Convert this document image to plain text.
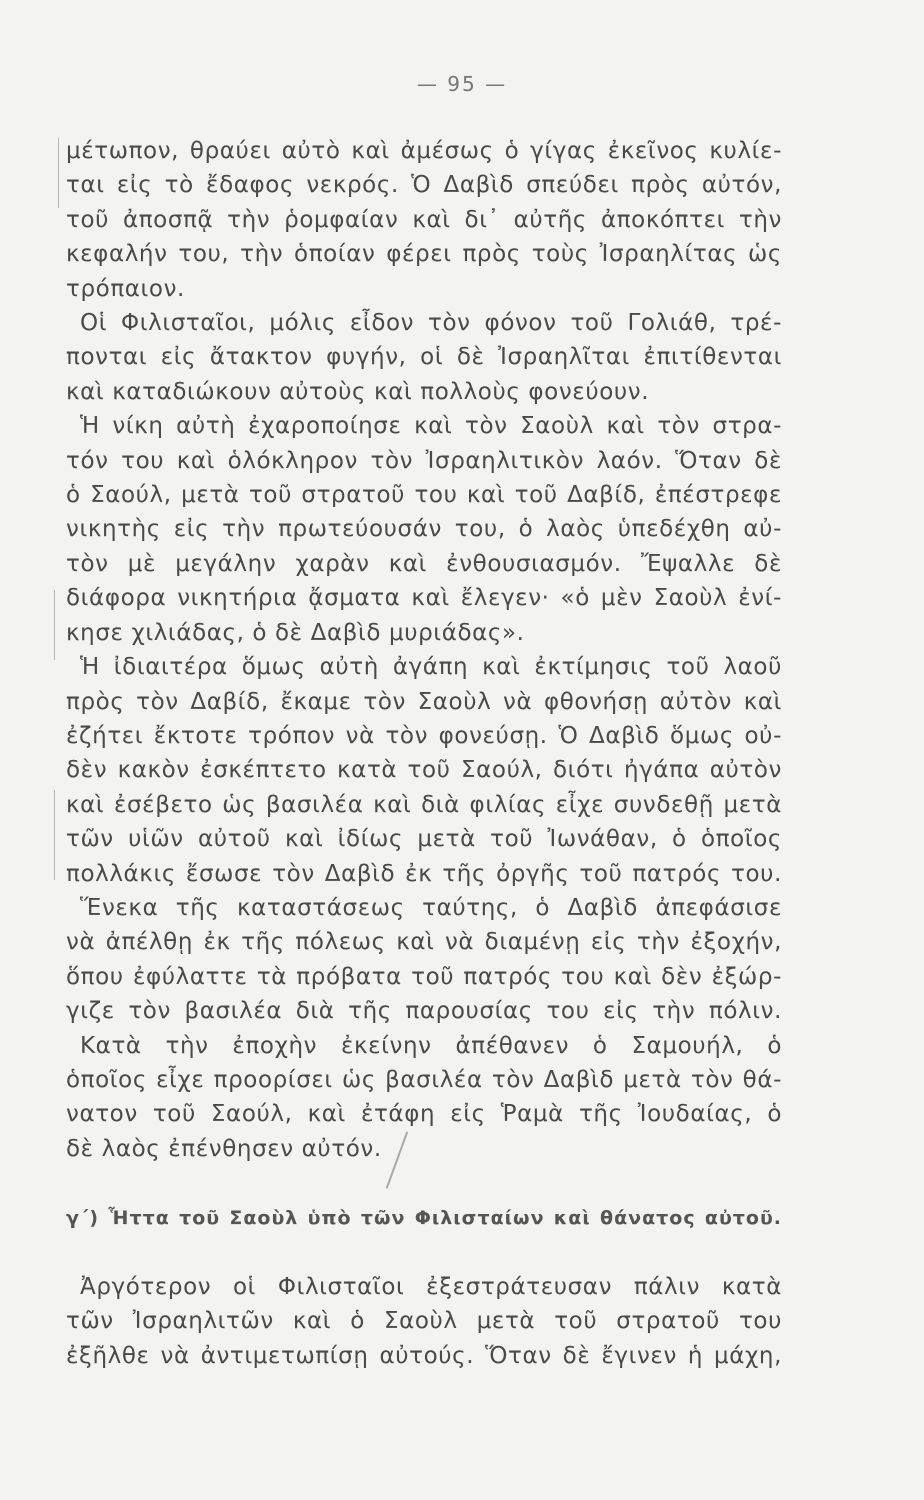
— 95 —
μέτωπον, θραύει αὐτὸ καὶ ἀμέσως ὁ γίγας ἐκεῖνος κυλίε-
ται εἰς τὸ ἔδαφος νεκρός. Ὁ Δαβὶδ σπεύδει πρὸς αὐτόν,
τοῦ ἀποσπᾷ τὴν ῥομφαίαν καὶ δι᾿ αὐτῆς ἀποκόπτει τὴν
κεφαλήν του, τὴν ὁποίαν φέρει πρὸς τοὺς Ἰσραηλίτας ὡς
τρόπαιον.
Οἱ Φιλισταῖοι, μόλις εἶδον τὸν φόνον τοῦ Γολιάθ, τρέ-
πονται εἰς ἄτακτον φυγήν, οἱ δὲ Ἰσραηλῖται ἐπιτίθενται
καὶ καταδιώκουν αὐτοὺς καὶ πολλοὺς φονεύουν.
Ἡ νίκη αὐτὴ ἐχαροποίησε καὶ τὸν Σαοὺλ καὶ τὸν στρα-
τόν του καὶ ὁλόκληρον τὸν Ἰσραηλιτικὸν λαόν. Ὅταν δὲ
ὁ Σαούλ, μετὰ τοῦ στρατοῦ του καὶ τοῦ Δαβίδ, ἐπέστρεφε
νικητὴς εἰς τὴν πρωτεύουσάν του, ὁ λαὸς ὑπεδέχθη αὐ-
τὸν μὲ μεγάλην χαρὰν καὶ ἐνθουσιασμόν. Ἔψαλλε δὲ
διάφορα νικητήρια ᾄσματα καὶ ἔλεγεν· «ὁ μὲν Σαοὺλ ἐνί-
κησε χιλιάδας, ὁ δὲ Δαβὶδ μυριάδας».
Ἡ ἰδιαιτέρα ὅμως αὐτὴ ἀγάπη καὶ ἐκτίμησις τοῦ λαοῦ
πρὸς τὸν Δαβίδ, ἔκαμε τὸν Σαοὺλ νὰ φθονήσῃ αὐτὸν καὶ
ἐζήτει ἔκτοτε τρόπον νὰ τὸν φονεύσῃ. Ὁ Δαβὶδ ὅμως οὐ-
δὲν κακὸν ἐσκέπτετο κατὰ τοῦ Σαούλ, διότι ἠγάπα αὐτὸν
καὶ ἐσέβετο ὡς βασιλέα καὶ διὰ φιλίας εἶχε συνδεθῇ μετὰ
τῶν υἱῶν αὐτοῦ καὶ ἰδίως μετὰ τοῦ Ἰωνάθαν, ὁ ὁποῖος
πολλάκις ἔσωσε τὸν Δαβὶδ ἐκ τῆς ὀργῆς τοῦ πατρός του.
Ἕνεκα τῆς καταστάσεως ταύτης, ὁ Δαβὶδ ἀπεφάσισε
νὰ ἀπέλθῃ ἐκ τῆς πόλεως καὶ νὰ διαμένῃ εἰς τὴν ἐξοχήν,
ὅπου ἐφύλαττε τὰ πρόβατα τοῦ πατρός του καὶ δὲν ἐξώρ-
γιζε τὸν βασιλέα διὰ τῆς παρουσίας του εἰς τὴν πόλιν.
Κατὰ τὴν ἐποχὴν ἐκείνην ἀπέθανεν ὁ Σαμουήλ, ὁ
ὁποῖος εἶχε προορίσει ὡς βασιλέα τὸν Δαβὶδ μετὰ τὸν θά-
νατον τοῦ Σαούλ, καὶ ἐτάφη εἰς Ῥαμὰ τῆς Ἰουδαίας, ὁ
δὲ λαὸς ἐπένθησεν αὐτόν.
γ΄) Ἧττα τοῦ Σαοὺλ ὑπὸ τῶν Φιλισταίων καὶ θάνατος αὐτοῦ.
Ἀργότερον οἱ Φιλισταῖοι ἐξεστράτευσαν πάλιν κατὰ
τῶν Ἰσραηλιτῶν καὶ ὁ Σαοὺλ μετὰ τοῦ στρατοῦ του
ἐξῆλθε νὰ ἀντιμετωπίσῃ αὐτούς. Ὅταν δὲ ἔγινεν ἡ μάχη,
